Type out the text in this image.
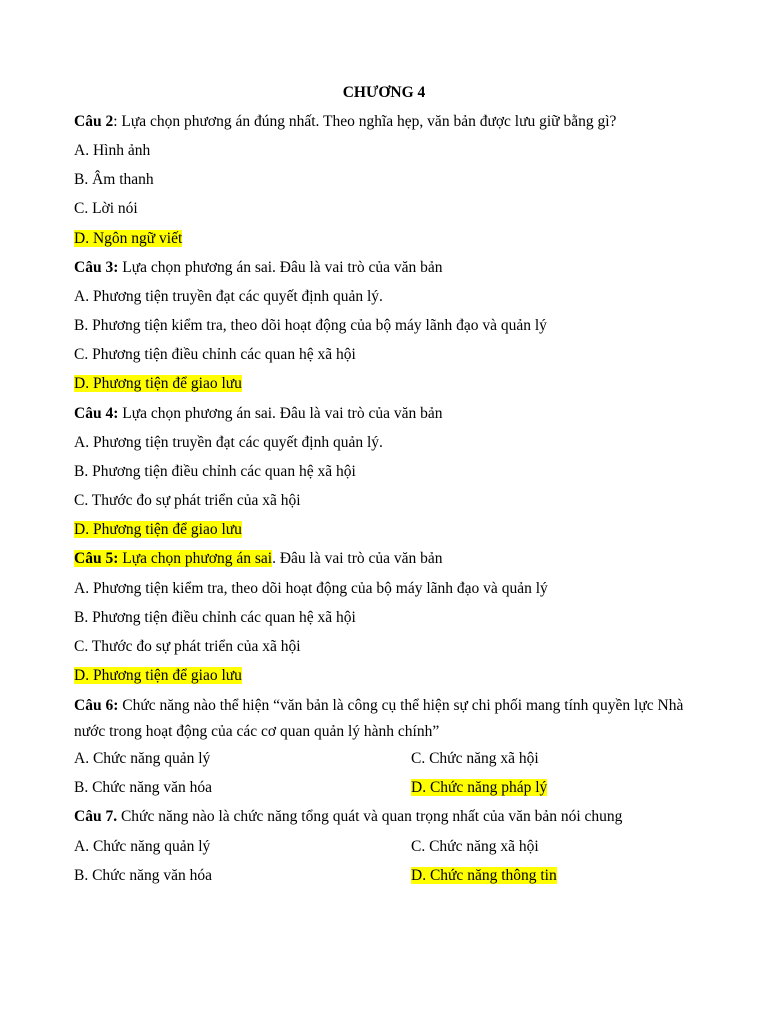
CHƯƠNG 4
Câu 2: Lựa chọn phương án đúng nhất. Theo nghĩa hẹp, văn bản được lưu giữ bằng gì?
A. Hình ảnh
B. Âm thanh
C. Lời nói
D. Ngôn ngữ viết
Câu 3: Lựa chọn phương án sai. Đâu là vai trò của văn bản
A. Phương tiện truyền đạt các quyết định quản lý.
B. Phương tiện kiểm tra, theo dõi hoạt động của bộ máy lãnh đạo và quản lý
C. Phương tiện điều chỉnh các quan hệ xã hội
D. Phương tiện để giao lưu
Câu 4: Lựa chọn phương án sai. Đâu là vai trò của văn bản
A. Phương tiện truyền đạt các quyết định quản lý.
B. Phương tiện điều chỉnh các quan hệ xã hội
C. Thước đo sự phát triển của xã hội
D. Phương tiện để giao lưu
Câu 5: Lựa chọn phương án sai. Đâu là vai trò của văn bản
A. Phương tiện kiểm tra, theo dõi hoạt động của bộ máy lãnh đạo và quản lý
B. Phương tiện điều chỉnh các quan hệ xã hội
C. Thước đo sự phát triển của xã hội
D. Phương tiện để giao lưu
Câu 6: Chức năng nào thể hiện “văn bản là công cụ thể hiện sự chi phối mang tính quyền lực Nhà nước trong hoạt động của các cơ quan quản lý hành chính”
A. Chức năng quản lý	C. Chức năng xã hội
B. Chức năng văn hóa	D. Chức năng pháp lý
Câu 7. Chức năng nào là chức năng tổng quát và quan trọng nhất của văn bản nói chung
A. Chức năng quản lý	C. Chức năng xã hội
B. Chức năng văn hóa	D. Chức năng thông tin
